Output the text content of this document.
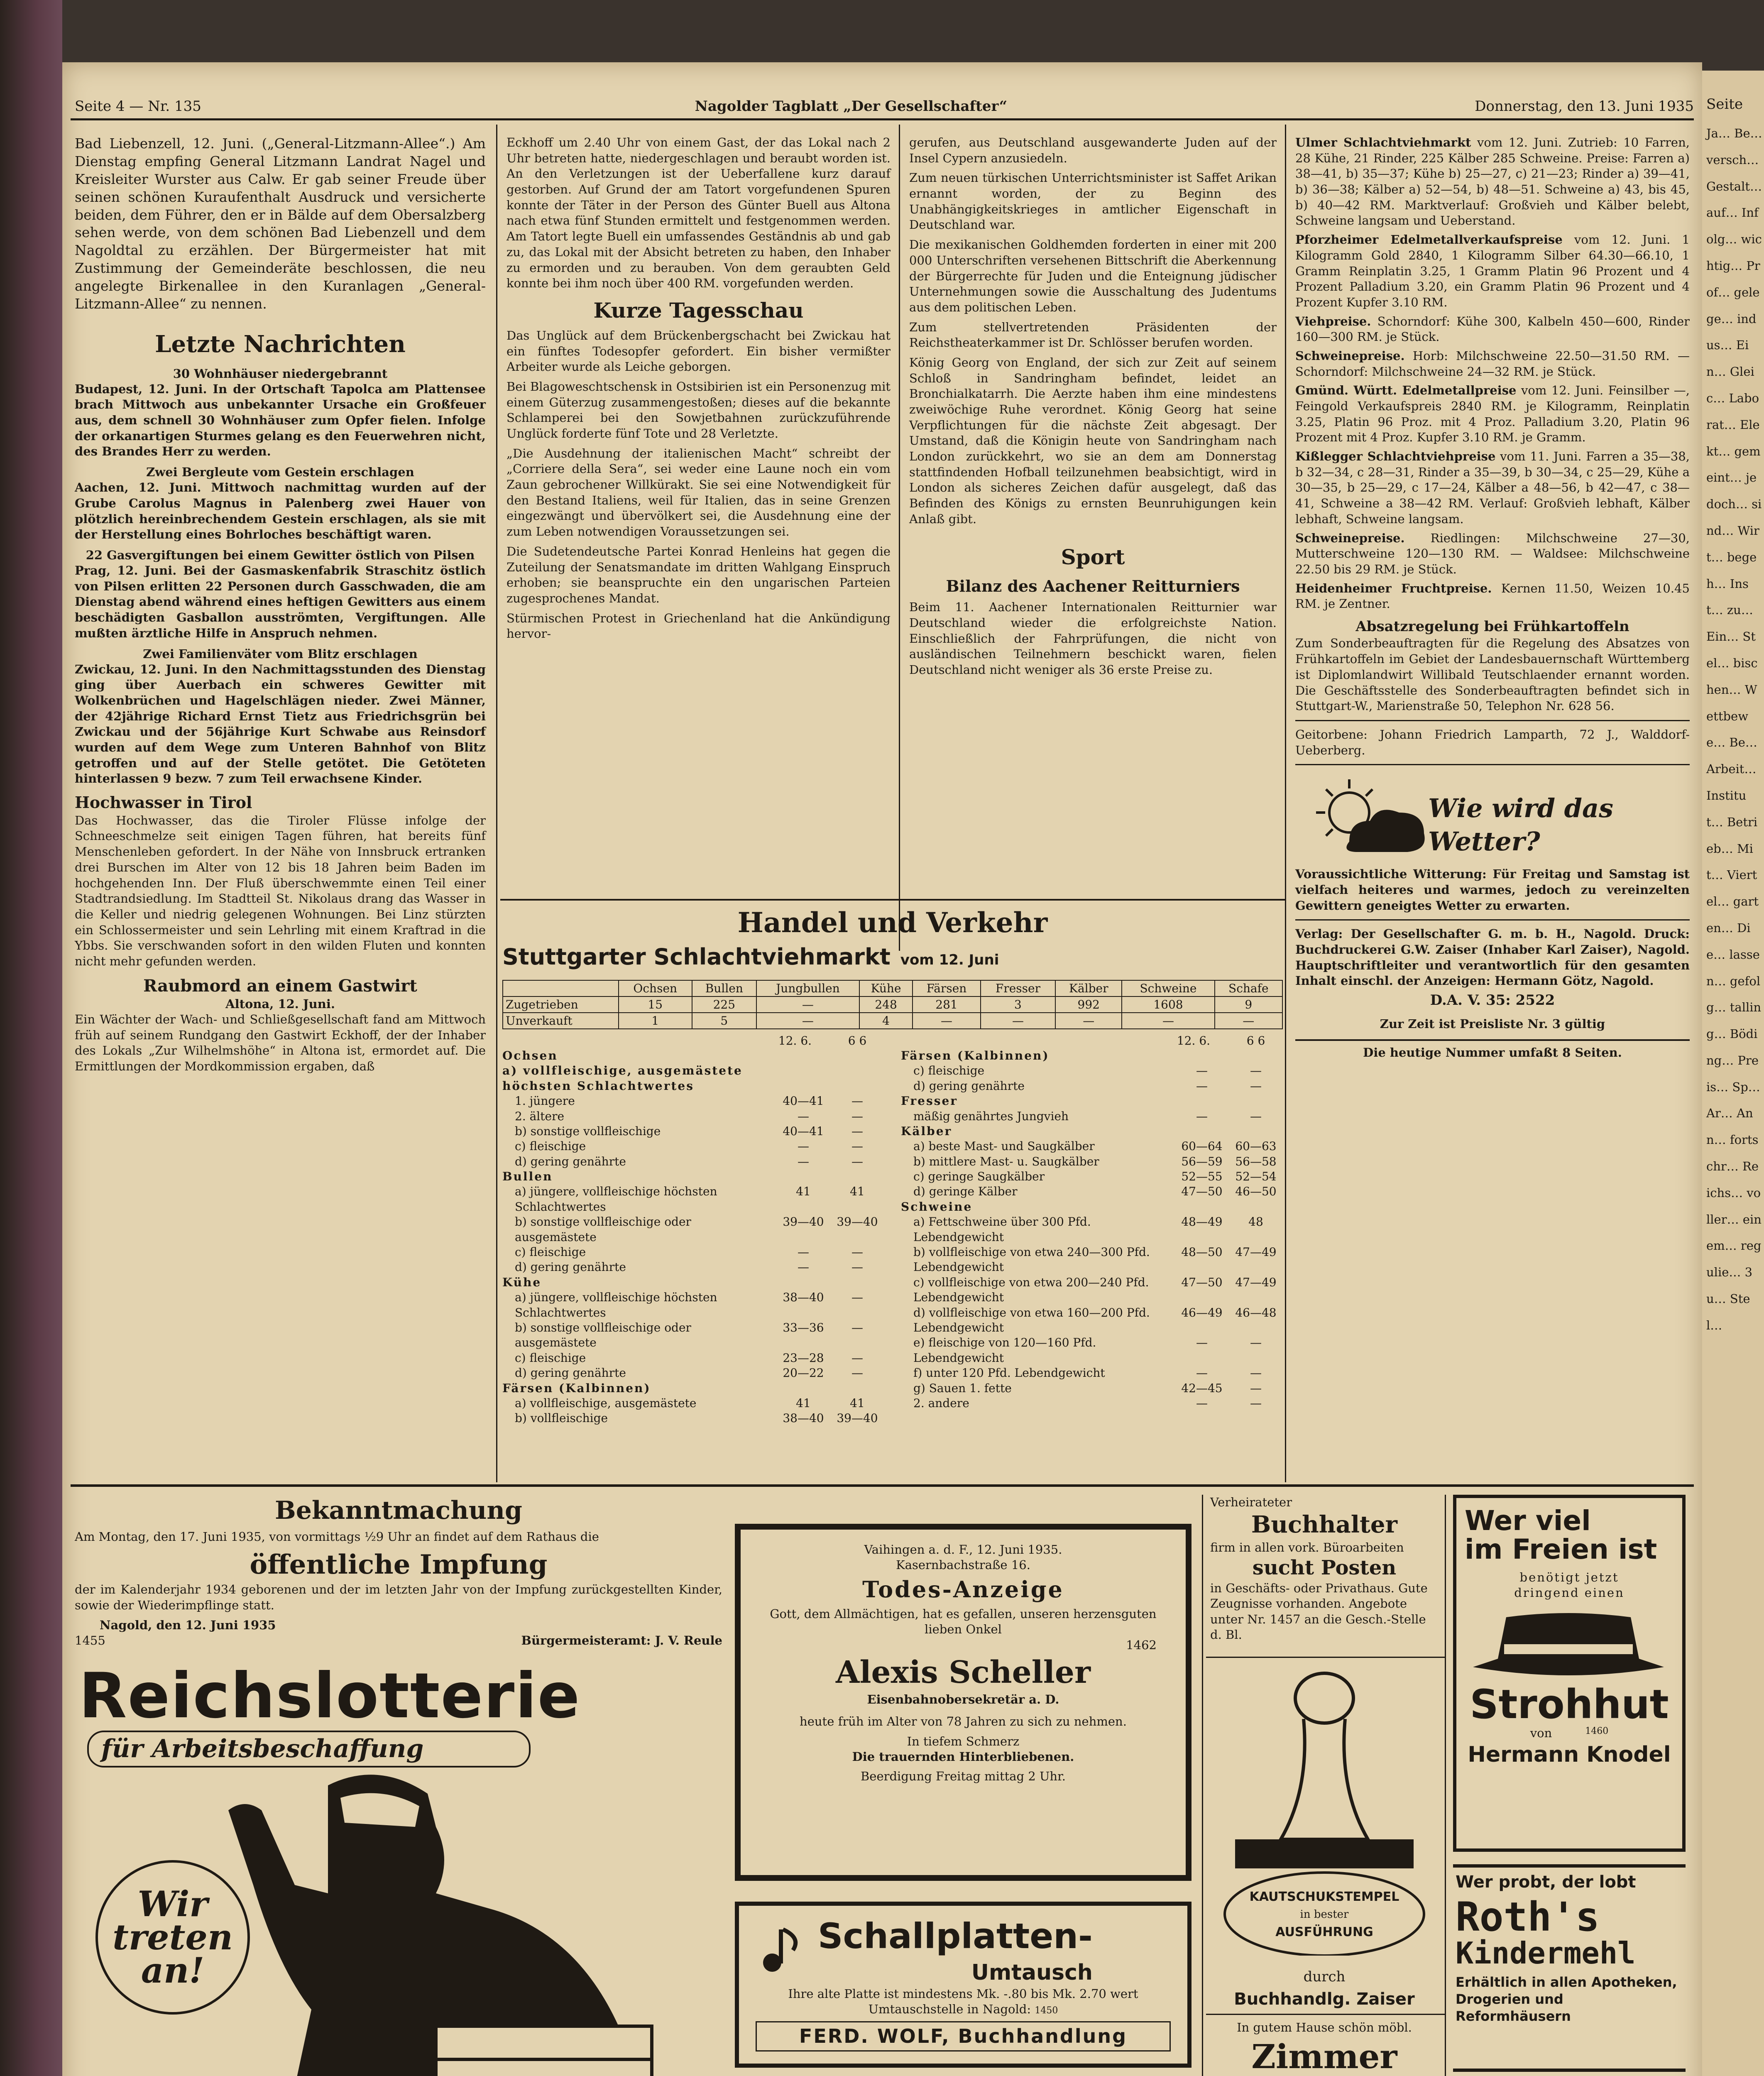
Seite 4 — Nr. 135	Nagolder Tagblatt „Der Gesellschafter“	Donnerstag, den 13. Juni 1935
Bad Liebenzell, 12. Juni. („General-Litzmann-Allee“.) Am Dienstag empfing General Litzmann Landrat Nagel und Kreisleiter Wurster aus Calw. Er gab seiner Freude über seinen schönen Kuraufenthalt Ausdruck und versicherte beiden, dem Führer, den er in Bälde auf dem Obersalzberg sehen werde, von dem schönen Bad Liebenzell und dem Nagoldtal zu erzählen. Der Bürgermeister hat mit Zustimmung der Gemeinderäte beschlossen, die neu angelegte Birkenallee in den Kuranlagen „General-Litzmann-Allee“ zu nennen.
Letzte Nachrichten
30 Wohnhäuser niedergebrannt
Budapest, 12. Juni. In der Ortschaft Tapolca am Plattensee brach Mittwoch aus unbekannter Ursache ein Großfeuer aus, dem schnell 30 Wohnhäuser zum Opfer fielen. Infolge der orkanartigen Sturmes gelang es den Feuerwehren nicht, des Brandes Herr zu werden.
Zwei Bergleute vom Gestein erschlagen
Aachen, 12. Juni. Mittwoch nachmittag wurden auf der Grube Carolus Magnus in Palenberg zwei Hauer von plötzlich hereinbrechendem Gestein erschlagen, als sie mit der Herstellung eines Bohrloches beschäftigt waren.
22 Gasvergiftungen bei einem Gewitter östlich von Pilsen
Prag, 12. Juni. Bei der Gasmaskenfabrik Straschitz östlich von Pilsen erlitten 22 Personen durch Gasschwaden, die am Dienstag abend während eines heftigen Gewitters aus einem beschädigten Gasballon ausströmten, Vergiftungen. Alle mußten ärztliche Hilfe in Anspruch nehmen.
Zwei Familienväter vom Blitz erschlagen
Zwickau, 12. Juni. In den Nachmittagsstunden des Dienstag ging über Auerbach ein schweres Gewitter mit Wolkenbrüchen und Hagelschlägen nieder. Zwei Männer, der 42jährige Richard Ernst Tietz aus Friedrichsgrün bei Zwickau und der 56jährige Kurt Schwabe aus Reinsdorf wurden auf dem Wege zum Unteren Bahnhof von Blitz getroffen und auf der Stelle getötet. Die Getöteten hinterlassen 9 bezw. 7 zum Teil erwachsene Kinder.
Hochwasser in Tirol
Das Hochwasser, das die Tiroler Flüsse infolge der Schneeschmelze seit einigen Tagen führen, hat bereits fünf Menschenleben gefordert. In der Nähe von Innsbruck ertranken drei Burschen im Alter von 12 bis 18 Jahren beim Baden im hochgehenden Inn. Der Fluß überschwemmte einen Teil einer Stadtrandsiedlung. Im Stadtteil St. Nikolaus drang das Wasser in die Keller und niedrig gelegenen Wohnungen. Bei Linz stürzten ein Schlossermeister und sein Lehrling mit einem Kraftrad in die Ybbs. Sie verschwanden sofort in den wilden Fluten und konnten nicht mehr gefunden werden.
Raubmord an einem Gastwirt
Altona, 12. Juni.
Ein Wächter der Wach- und Schließgesellschaft fand am Mittwoch früh auf seinem Rundgang den Gastwirt Eckhoff, der der Inhaber des Lokals „Zur Wilhelmshöhe“ in Altona ist, ermordet auf. Die Ermittlungen der Mordkommission ergaben, daß
Eckhoff um 2.40 Uhr von einem Gast, der das Lokal nach 2 Uhr betreten hatte, niedergeschlagen und beraubt worden ist. An den Verletzungen ist der Ueberfallene kurz darauf gestorben. Auf Grund der am Tatort vorgefundenen Spuren konnte der Täter in der Person des Günter Buell aus Altona nach etwa fünf Stunden ermittelt und festgenommen werden. Am Tatort legte Buell ein umfassendes Geständnis ab und gab zu, das Lokal mit der Absicht betreten zu haben, den Inhaber zu ermorden und zu berauben. Von dem geraubten Geld konnte bei ihm noch über 400 RM. vorgefunden werden.
Kurze Tagesschau
Das Unglück auf dem Brückenbergschacht bei Zwickau hat ein fünftes Todesopfer gefordert. Ein bisher vermißter Arbeiter wurde als Leiche geborgen.
Bei Blagoweschtschensk in Ostsibirien ist ein Personenzug mit einem Güterzug zusammengestoßen; dieses auf die bekannte Schlamperei bei den Sowjetbahnen zurückzuführende Unglück forderte fünf Tote und 28 Verletzte.
„Die Ausdehnung der italienischen Macht“ schreibt der „Corriere della Sera“, sei weder eine Laune noch ein vom Zaun gebrochener Willkürakt. Sie sei eine Notwendigkeit für den Bestand Italiens, weil für Italien, das in seine Grenzen eingezwängt und übervölkert sei, die Ausdehnung eine der zum Leben notwendigen Voraussetzungen sei.
Die Sudetendeutsche Partei Konrad Henleins hat gegen die Zuteilung der Senatsmandate im dritten Wahlgang Einspruch erhoben; sie beanspruchte ein den ungarischen Parteien zugesprochenes Mandat.
Stürmischen Protest in Griechenland hat die Ankündigung hervor-
gerufen, aus Deutschland ausgewanderte Juden auf der Insel Cypern anzusiedeln.
Zum neuen türkischen Unterrichtsminister ist Saffet Arikan ernannt worden, der zu Beginn des Unabhängigkeitskrieges in amtlicher Eigenschaft in Deutschland war.
Die mexikanischen Goldhemden forderten in einer mit 200 000 Unterschriften versehenen Bittschrift die Aberkennung der Bürgerrechte für Juden und die Enteignung jüdischer Unternehmungen sowie die Ausschaltung des Judentums aus dem politischen Leben.
Zum stellvertretenden Präsidenten der Reichstheaterkammer ist Dr. Schlösser berufen worden.
König Georg von England, der sich zur Zeit auf seinem Schloß in Sandringham befindet, leidet an Bronchialkatarrh. Die Aerzte haben ihm eine mindestens zweiwöchige Ruhe verordnet. König Georg hat seine Verpflichtungen für die nächste Zeit abgesagt. Der Umstand, daß die Königin heute von Sandringham nach London zurückkehrt, wo sie an dem am Donnerstag stattfindenden Hofball teilzunehmen beabsichtigt, wird in London als sicheres Zeichen dafür ausgelegt, daß das Befinden des Königs zu ernsten Beunruhigungen kein Anlaß gibt.
Sport
Bilanz des Aachener Reitturniers
Beim 11. Aachener Internationalen Reitturnier war Deutschland wieder die erfolgreichste Nation. Einschließlich der Fahrprüfungen, die nicht von ausländischen Teilnehmern beschickt waren, fielen Deutschland nicht weniger als 36 erste Preise zu.
Ulmer Schlachtviehmarkt vom 12. Juni. Zutrieb: 10 Farren, 28 Kühe, 21 Rinder, 225 Kälber 285 Schweine. Preise: Farren a) 38—41, b) 35—37; Kühe b) 25—27, c) 21—23; Rinder a) 39—41, b) 36—38; Kälber a) 52—54, b) 48—51. Schweine a) 43, bis 45, b) 40—42 RM. Marktverlauf: Großvieh und Kälber belebt, Schweine langsam und Ueberstand.
Pforzheimer Edelmetallverkaufspreise vom 12. Juni. 1 Kilogramm Gold 2840, 1 Kilogramm Silber 64.30—66.10, 1 Gramm Reinplatin 3.25, 1 Gramm Platin 96 Prozent und 4 Prozent Palladium 3.20, ein Gramm Platin 96 Prozent und 4 Prozent Kupfer 3.10 RM.
Viehpreise. Schorndorf: Kühe 300, Kalbeln 450—600, Rinder 160—300 RM. je Stück.
Schweinepreise. Horb: Milchschweine 22.50—31.50 RM. — Schorndorf: Milchschweine 24—32 RM. je Stück.
Gmünd. Württ. Edelmetallpreise vom 12. Juni. Feinsilber —, Feingold Verkaufspreis 2840 RM. je Kilogramm, Reinplatin 3.25, Platin 96 Proz. mit 4 Proz. Palladium 3.20, Platin 96 Prozent mit 4 Proz. Kupfer 3.10 RM. je Gramm.
Kißlegger Schlachtviehpreise vom 11. Juni. Farren a 35—38, b 32—34, c 28—31, Rinder a 35—39, b 30—34, c 25—29, Kühe a 30—35, b 25—29, c 17—24, Kälber a 48—56, b 42—47, c 38—41, Schweine a 38—42 RM. Verlauf: Großvieh lebhaft, Kälber lebhaft, Schweine langsam.
Schweinepreise. Riedlingen: Milchschweine 27—30, Mutterschweine 120—130 RM. — Waldsee: Milchschweine 22.50 bis 29 RM. je Stück.
Heidenheimer Fruchtpreise. Kernen 11.50, Weizen 10.45 RM. je Zentner.
Absatzregelung bei Frühkartoffeln
Zum Sonderbeauftragten für die Regelung des Absatzes von Frühkartoffeln im Gebiet der Landesbauernschaft Württemberg ist Diplomlandwirt Willibald Teutschlaender ernannt worden. Die Geschäftsstelle des Sonderbeauftragten befindet sich in Stuttgart-W., Marienstraße 50, Telephon Nr. 628 56.
Geitorbene: Johann Friedrich Lamparth, 72 J., Walddorf-Ueberberg.
Wie wird das Wetter?
Voraussichtliche Witterung: Für Freitag und Samstag ist vielfach heiteres und warmes, jedoch zu vereinzelten Gewittern geneigtes Wetter zu erwarten.
Verlag: Der Gesellschafter G. m. b. H., Nagold. Druck: Buchdruckerei G.W. Zaiser (Inhaber Karl Zaiser), Nagold. Hauptschriftleiter und verantwortlich für den gesamten Inhalt einschl. der Anzeigen: Hermann Götz, Nagold.
D.A. V. 35: 2522
Zur Zeit ist Preisliste Nr. 3 gültig
Die heutige Nummer umfaßt 8 Seiten.
Handel und Verkehr
Stuttgarter Schlachtviehmarkt vom 12. Juni
	Ochsen	Bullen	Jungbullen	Kühe	Färsen	Fresser	Kälber	Schweine	Schafe
Zugetrieben	15	225	—	248	281	3	992	1608	9
Unverkauft	1	5	—	4	—	—	—	—	—
12. 6.	6 6
Ochsen
a) vollfleischige, ausgemästete höchsten Schlachtwertes
1. jüngere	40—41	—
2. ältere	—	—
b) sonstige vollfleischige	40—41	—
c) fleischige	—	—
d) gering genährte	—	—
Bullen
a) jüngere, vollfleischige höchsten Schlachtwertes
41	41
b) sonstige vollfleischige oder ausgemästete
39—40	39—40
c) fleischige	—	—
d) gering genährte	—	—
Kühe
a) jüngere, vollfleischige höchsten Schlachtwertes
38—40	—
b) sonstige vollfleischige oder ausgemästete
33—36	—
c) fleischige	23—28	—
d) gering genährte	20—22	—
Färsen (Kalbinnen)
a) vollfleischige, ausgemästete	41	41
b) vollfleischige	38—40	39—40
12. 6.	6 6
Färsen (Kalbinnen)
c) fleischige	—	—
d) gering genährte	—	—
Fresser
mäßig genährtes Jungvieh	—	—
Kälber
a) beste Mast- und Saugkälber	60—64	60—63
b) mittlere Mast- u. Saugkälber	56—59	56—58
c) geringe Saugkälber	52—55	52—54
d) geringe Kälber	47—50	46—50
Schweine
a) Fettschweine über 300 Pfd. Lebendgewicht
48—49	48
b) vollfleischige von etwa 240—300 Pfd. Lebendgewicht
48—50	47—49
c) vollfleischige von etwa 200—240 Pfd. Lebendgewicht
47—50	47—49
d) vollfleischige von etwa 160—200 Pfd. Lebendgewicht
46—49	46—48
e) fleischige von 120—160 Pfd. Lebendgewicht
—	—
f) unter 120 Pfd. Lebendgewicht	—	—
g) Sauen 1. fette	42—45	—
2. andere	—	—
Bekanntmachung
Am Montag, den 17. Juni 1935, von vormittags ½9 Uhr an findet auf dem Rathaus die
öffentliche Impfung
der im Kalenderjahr 1934 geborenen und der im letzten Jahr von der Impfung zurückgestellten Kinder, sowie der Wiederimpflinge statt.
Nagold, den 12. Juni 1935
1455	Bürgermeisteramt: J. V. Reule
Reichslotterie
für Arbeitsbeschaffung
Wir
treten
an!
Vaihingen a. d. F., 12. Juni 1935.
Kasernbachstraße 16.
Todes-Anzeige
Gott, dem Allmächtigen, hat es gefallen, unseren herzensguten lieben Onkel
1462
Alexis Scheller
Eisenbahnobersekretär a. D.
heute früh im Alter von 78 Jahren zu sich zu nehmen.
In tiefem Schmerz
Die trauernden Hinterbliebenen.
Beerdigung Freitag mittag 2 Uhr.
Schallplatten-
Umtausch
Ihre alte Platte ist mindestens Mk. -.80 bis Mk. 2.70 wert
Umtauschstelle in Nagold: 1450
FERD. WOLF, Buchhandlung
Verheirateter
Buchhalter
firm in allen vork. Büroarbeiten
sucht Posten
in Geschäfts- oder Privathaus. Gute Zeugnisse vorhanden. Angebote unter Nr. 1457 an die Gesch.-Stelle d. Bl.
KAUTSCHUKSTEMPEL
in bester
AUSFÜHRUNG
durch
Buchhandlg. Zaiser
In gutem Hause schön möbl.
Zimmer
Wer viel
im Freien ist
benötigt jetzt
dringend einen
Strohhut
von	1460
Hermann Knodel
Wer probt, der lobt
Roth's
Kindermehl
Erhältlich in allen Apotheken, Drogerien und Reformhäusern
Seite
Ja… Be… versch… Gestalt… auf… Infolg… wichtig… Prof… gelege… indus… Ein… Gleic… Laborat… Elekt… gemeint… jedoch… sind… Wirt… begeh… Inst… zu… Ein… Stel… bischen… Wettbewe… Be… Arbeit… Institut… Betrieb… Mit… Viertel… garten… Die… lassen… gefolg… talling… Böding… Preis… Sp… Ar… Ann… fortschr… Reichs… voller… einem… regulie… 3u… Stel…
